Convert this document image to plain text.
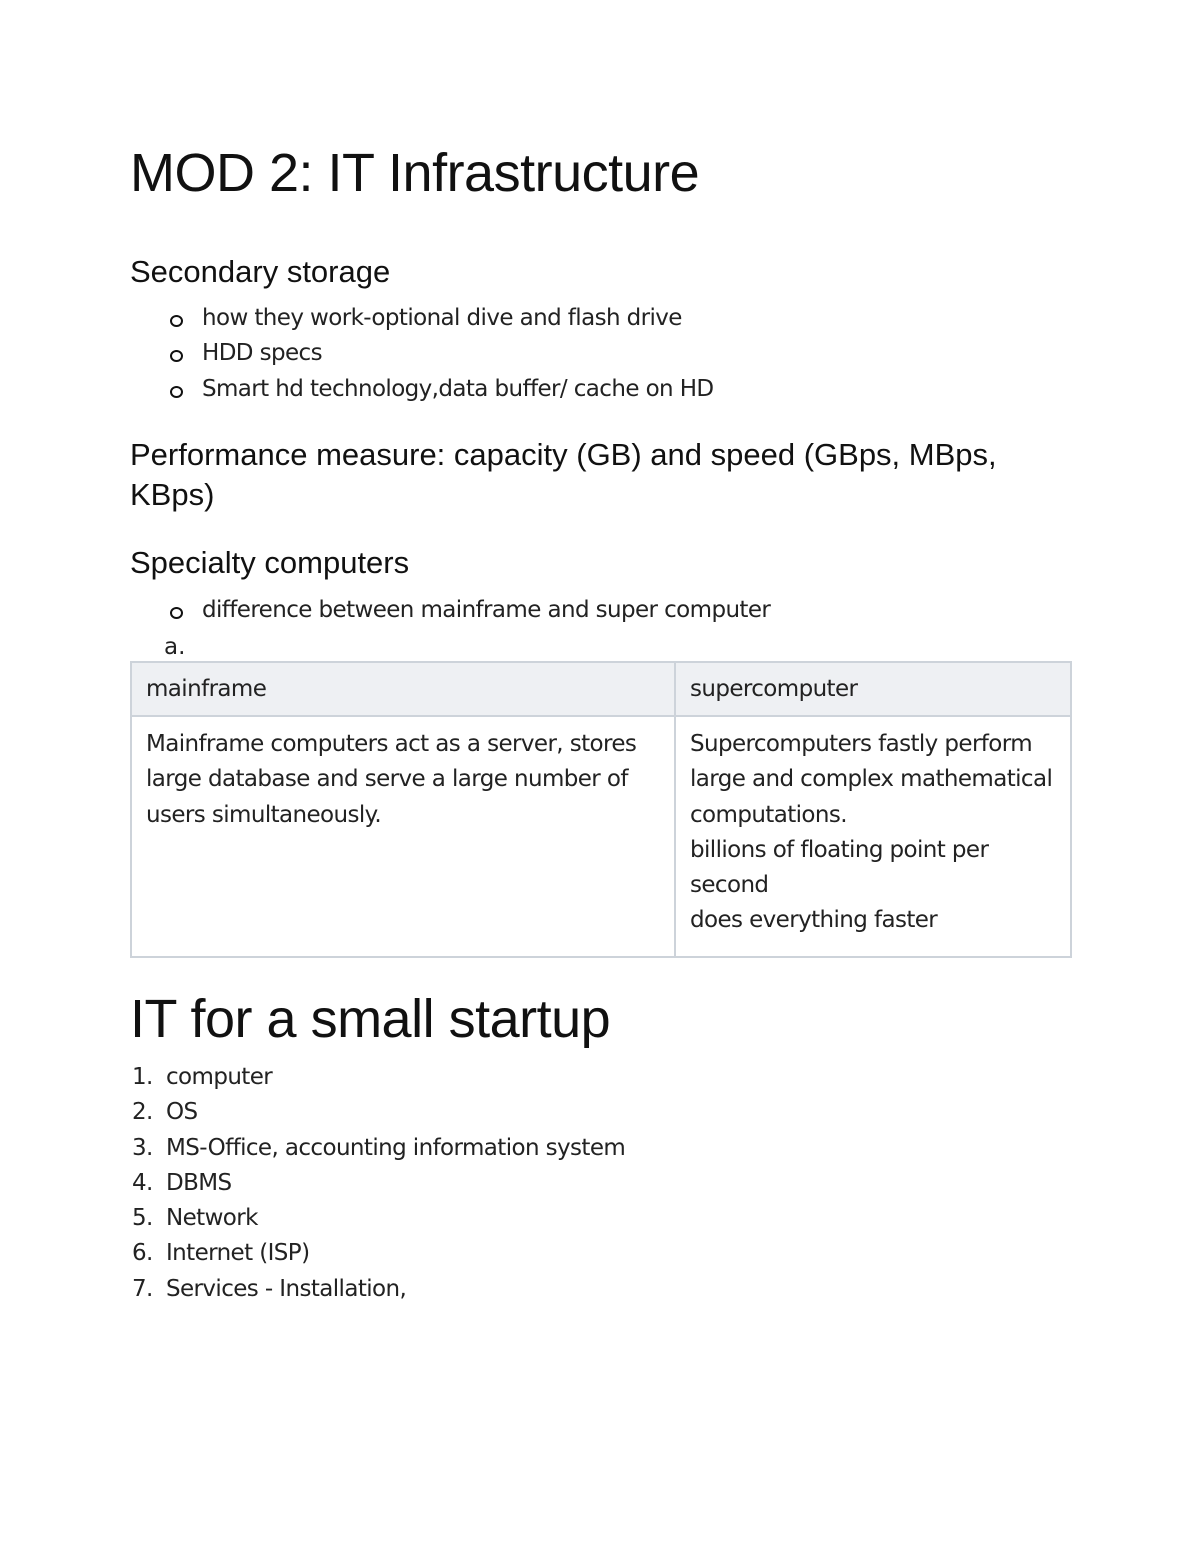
MOD 2: IT Infrastructure
Secondary storage
how they work-optional dive and flash drive
HDD specs
Smart hd technology,data buffer/ cache on HD
Performance measure: capacity (GB) and speed (GBps, MBps, KBps)
Specialty computers
difference between mainframe and super computer
a.
mainframe	supercomputer
Mainframe computers act as a server, stores large database and serve a large number of users simultaneously.	Supercomputers fastly perform large and complex mathematical computations.
billions of floating point per second
does everything faster
IT for a small startup
1. computer
2. OS
3. MS-Office, accounting information system
4. DBMS
5. Network
6. Internet (ISP)
7. Services - Installation,
